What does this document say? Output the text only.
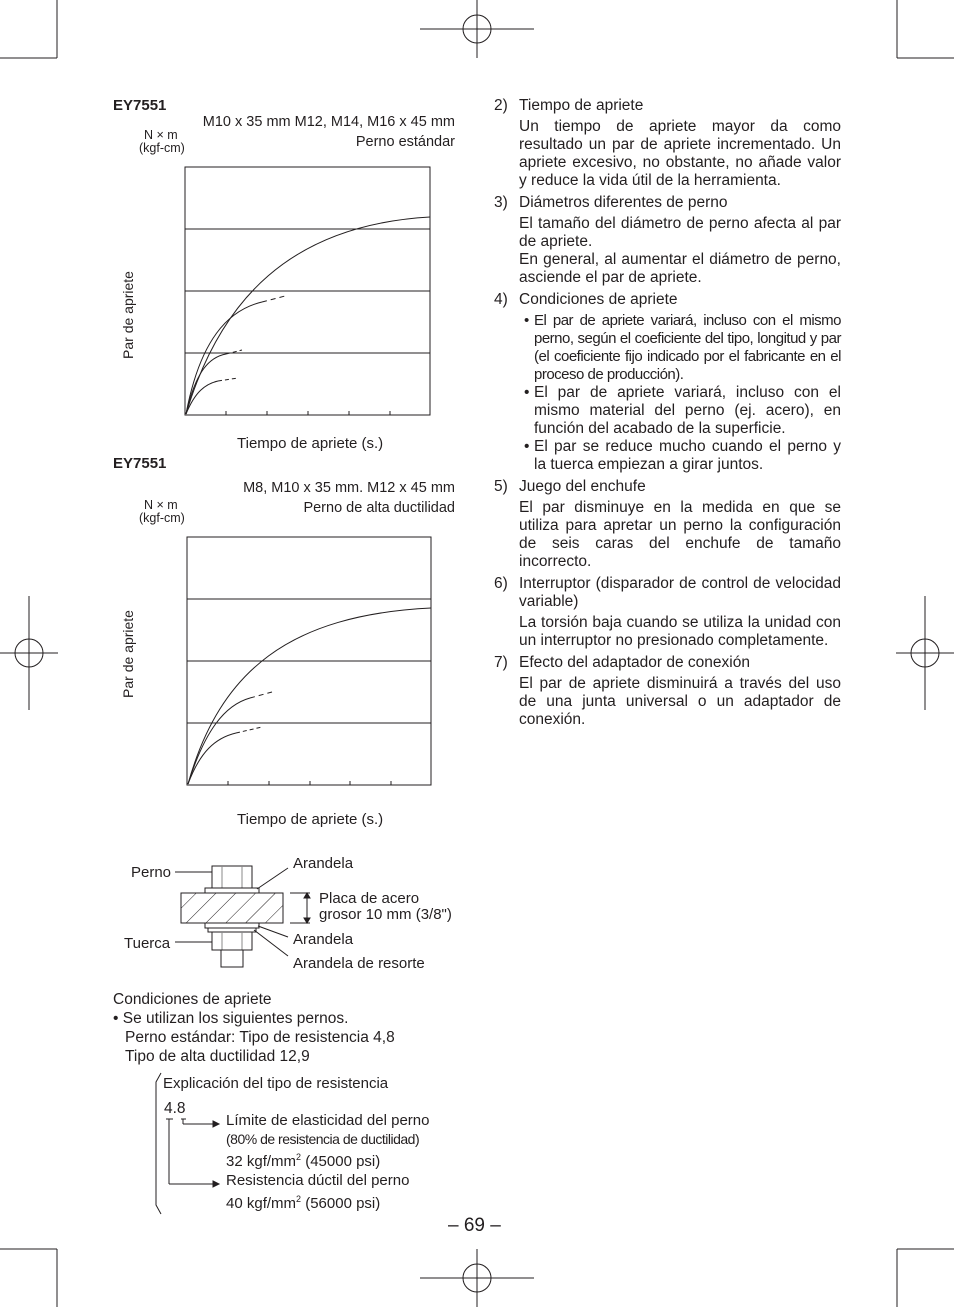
EY7551
N × m
(kgf-cm)
M10 x 35 mm M12, M14, M16 x 45 mm
Perno estándar
Par de apriete
Tiempo de apriete (s.)
EY7551
N × m
(kgf-cm)
M8, M10 x 35 mm. M12 x 45 mm
Perno de alta ductilidad
Par de apriete
Tiempo de apriete (s.)
Perno
Tuerca
Arandela
Placa de acero
grosor 10 mm (3/8")
Arandela
Arandela de resorte
Condiciones de apriete
• Se utilizan los siguientes pernos.
Perno estándar: Tipo de resistencia 4,8
Tipo de alta ductilidad 12,9
Explicación del tipo de resistencia
4.8
Límite de elasticidad del perno
(80% de resistencia de ductilidad)
32 kgf/$mm^2$ (45000 psi)
Resistencia dúctil del perno
40 kgf/$mm^2$ (56000 psi)
2) Tiempo de apriete
Un tiempo de apriete mayor da como resultado un par de apriete incrementado. Un apriete excesivo, no obstante, no añade valor y reduce la vida útil de la herramienta.
3) Diámetros diferentes de perno
El tamaño del diámetro de perno afecta al par de apriete.
En general, al aumentar el diámetro de perno, asciende el par de apriete.
4) Condiciones de apriete
• El par de apriete variará, incluso con el mismo perno, según el coeficiente del tipo, longitud y par (el coeficiente fijo indicado por el fabricante en el proceso de producción).
• El par de apriete variará, incluso con el mismo material del perno (ej. acero), en función del acabado de la superficie.
• El par se reduce mucho cuando el perno y la tuerca empiezan a girar juntos.
5) Juego del enchufe
El par disminuye en la medida en que se utiliza para apretar un perno la configuración de seis caras del enchufe de tamaño incorrecto.
6) Interruptor (disparador de control de velocidad variable)
La torsión baja cuando se utiliza la unidad con un interruptor no presionado completamente.
7) Efecto del adaptador de conexión
El par de apriete disminuirá a través del uso de una junta universal o un adaptador de conexión.
– 69 –
